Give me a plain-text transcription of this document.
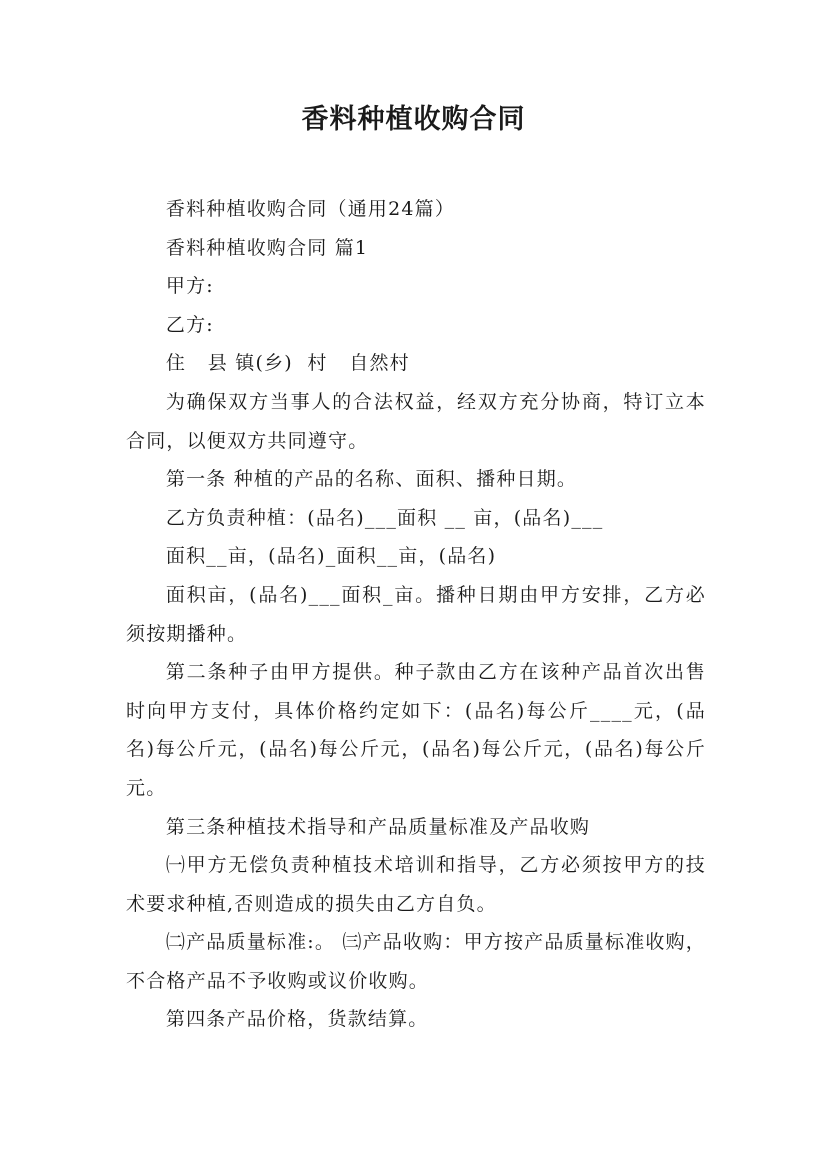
香料种植收购合同

香料种植收购合同（通用24篇）

香料种植收购合同 篇1

甲方:

乙方:

住   县 镇(乡)  村   自然村

为确保双方当事人的合法权益，经双方充分协商，特订立本合同，以便双方共同遵守。

第一条 种植的产品的名称、面积、播种日期。

乙方负责种植：(品名)___面积 __ 亩，(品名)___

面积__亩，(品名)_面积__亩，(品名)

面积亩，(品名)___面积_亩。播种日期由甲方安排，乙方必须按期播种。

第二条种子由甲方提供。种子款由乙方在该种产品首次出售时向甲方支付，具体价格约定如下：(品名)每公斤____元，(品名)每公斤元，(品名)每公斤元，(品名)每公斤元，(品名)每公斤元。

第三条种植技术指导和产品质量标准及产品收购

㈠甲方无偿负责种植技术培训和指导，乙方必须按甲方的技术要求种植,否则造成的损失由乙方自负。

㈡产品质量标准:。 ㈢产品收购：甲方按产品质量标准收购，不合格产品不予收购或议价收购。

第四条产品价格，货款结算。
